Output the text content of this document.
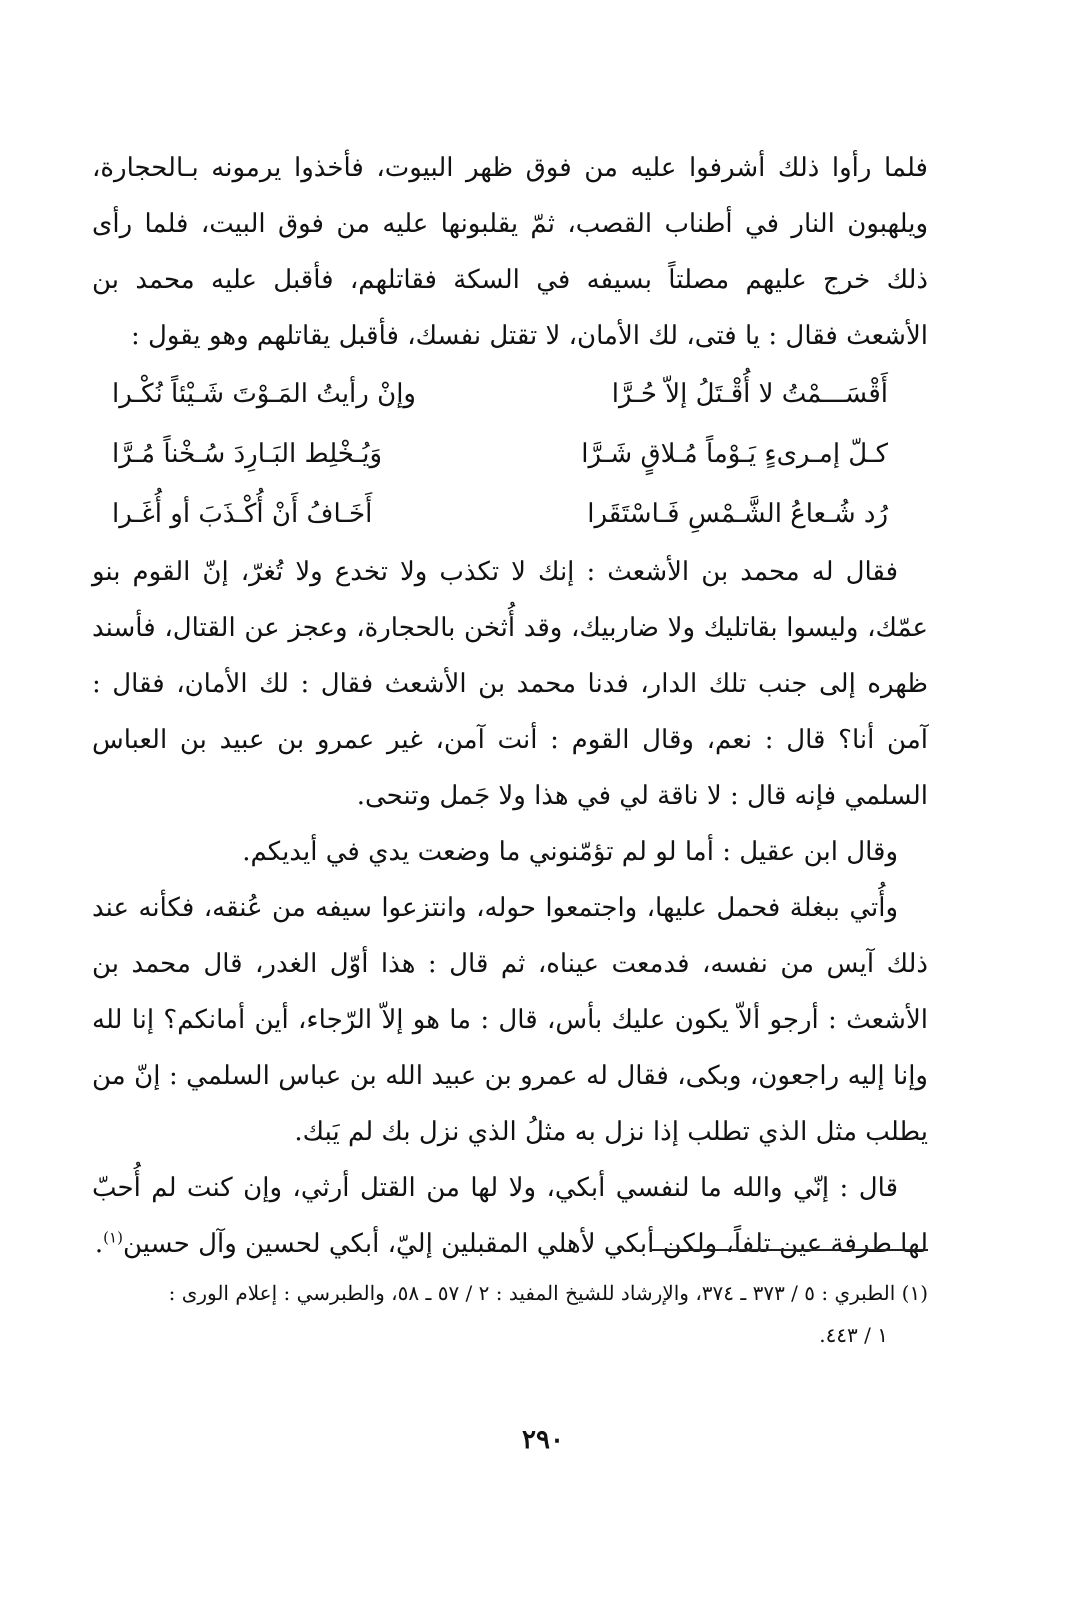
فلما رأوا ذلك أشرفوا عليه من فوق ظهر البيوت، فأخذوا يرمونه بـالحجارة، ويلهبون النار في أطناب القصب، ثمّ يقلبونها عليه من فوق البيت، فلما رأى ذلك خرج عليهم مصلتاً بسيفه في السكة فقاتلهم، فأقبل عليه محمد بن الأشعث فقال : يا فتى، لك الأمان، لا تقتل نفسك، فأقبل يقاتلهم وهو يقول :

أَقْسَـــمْتُ لا أُقْـتَلُ إلاّ حُـرَّا
وإنْ رأيتُ المَـوْتَ شَـيْئاً نُكْـرا
كـلّ إمـرىءٍ يَـوْماً مُـلاقٍ شَـرَّا
وَيُـخْلِط البَـارِدَ سُـخْناً مُـرَّا
رُد شُـعاعُ الشَّـمْسِ فَـاسْتَقَرا
أَخَـافُ أَنْ أُكْـذَبَ أو أُغَـرا

فقال له محمد بن الأشعث : إنك لا تكذب ولا تخدع ولا تُغرّ، إنّ القوم بنو عمّك، وليسوا بقاتليك ولا ضاربيك، وقد أُثخن بالحجارة، وعجز عن القتال، فأسند ظهره إلى جنب تلك الدار، فدنا محمد بن الأشعث فقال : لك الأمان، فقال : آمن أنا؟ قال : نعم، وقال القوم : أنت آمن، غير عمرو بن عبيد بن العباس السلمي فإنه قال : لا ناقة لي في هذا ولا جَمل وتنحى.

وقال ابن عقيل : أما لو لم تؤمّنوني ما وضعت يدي في أيديكم.

وأُتي ببغلة فحمل عليها، واجتمعوا حوله، وانتزعوا سيفه من عُنقه، فكأنه عند ذلك آيس من نفسه، فدمعت عيناه، ثم قال : هذا أوّل الغدر، قال محمد بن الأشعث : أرجو ألاّ يكون عليك بأس، قال : ما هو إلاّ الرّجاء، أين أمانكم؟ إنا لله وإنا إليه راجعون، وبكى، فقال له عمرو بن عبيد الله بن عباس السلمي : إنّ من يطلب مثل الذي تطلب إذا نزل به مثلُ الذي نزل بك لم يَبك.

قال : إنّي والله ما لنفسي أبكي، ولا لها من القتل أرثي، وإن كنت لم أُحبّ لها طرفة عين تلفاً، ولكن أبكي لأهلي المقبلين إليّ، أبكي لحسين وآل حسين$^{(١)}$.

(١) الطبري : ٥ / ٣٧٣ ـ ٣٧٤، والإرشاد للشيخ المفيد : ٢ / ٥٧ ـ ٥٨، والطبرسي : إعلام الورى :

١ / ٤٤٣.

٢٩٠
